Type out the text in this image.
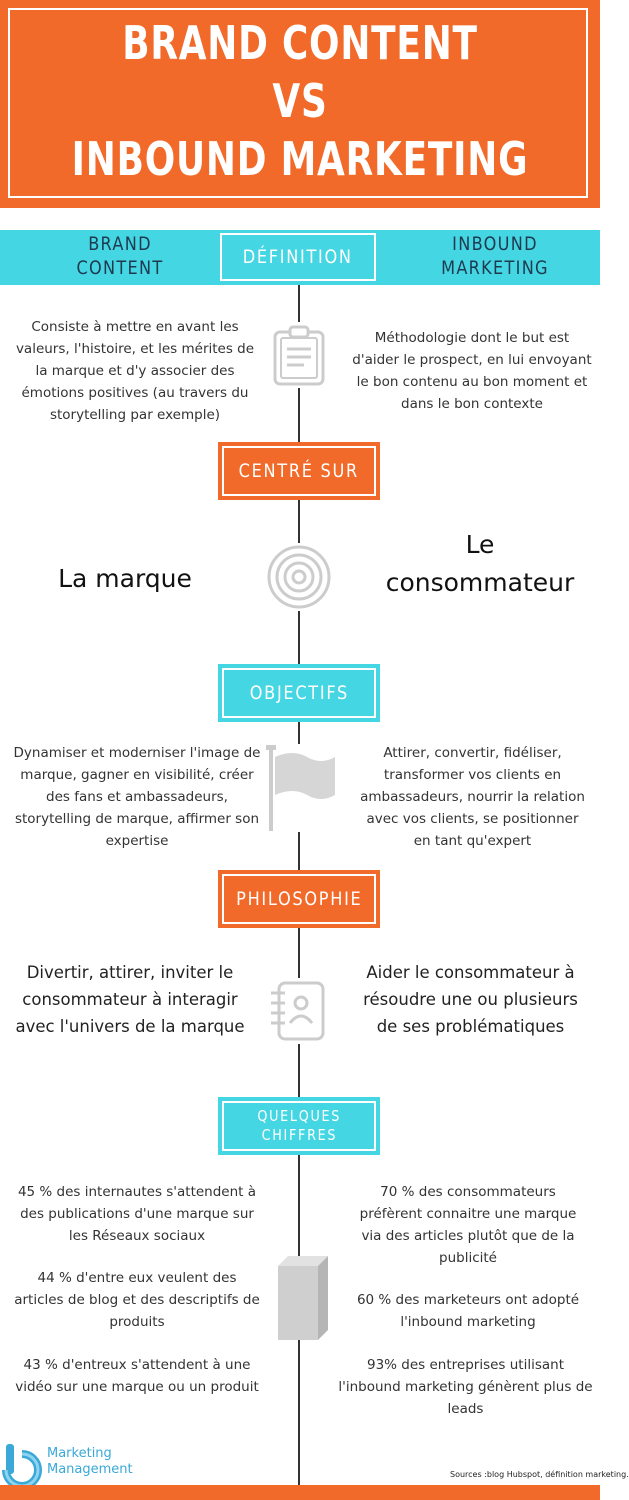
BRAND CONTENT
VS
INBOUND MARKETING
BRAND
CONTENT
INBOUND
MARKETING
DÉFINITION
Consiste à mettre en avant les valeurs, l'histoire, et les mérites de la marque et d'y associer des émotions positives (au travers du storytelling par exemple)
Méthodologie dont le but est d'aider le prospect, en lui envoyant le bon contenu au bon moment et dans le bon contexte
CENTRÉ SUR
La marque
Le
consommateur
OBJECTIFS
Dynamiser et moderniser l'image de marque, gagner en visibilité, créer des fans et ambassadeurs, storytelling de marque, affirmer son expertise
Attirer, convertir, fidéliser, transformer vos clients en ambassadeurs, nourrir la relation avec vos clients, se positionner en tant qu'expert
PHILOSOPHIE
Divertir, attirer, inviter le consommateur à interagir avec l'univers de la marque
Aider le consommateur à résoudre une ou plusieurs de ses problématiques
QUELQUES
CHIFFRES
45 % des internautes s'attendent à des publications d'une marque sur les Réseaux sociaux
44 % d'entre eux veulent des articles de blog et des descriptifs de produits
43 % d'entreux s'attendent à une vidéo sur une marque ou un produit
70 % des consommateurs préfèrent connaitre une marque via des articles plutôt que de la publicité
60 % des marketeurs ont adopté l'inbound marketing
93% des entreprises utilisant l'inbound marketing génèrent plus de leads
Marketing
Management	Sources :blog Hubspot, définition marketing.
